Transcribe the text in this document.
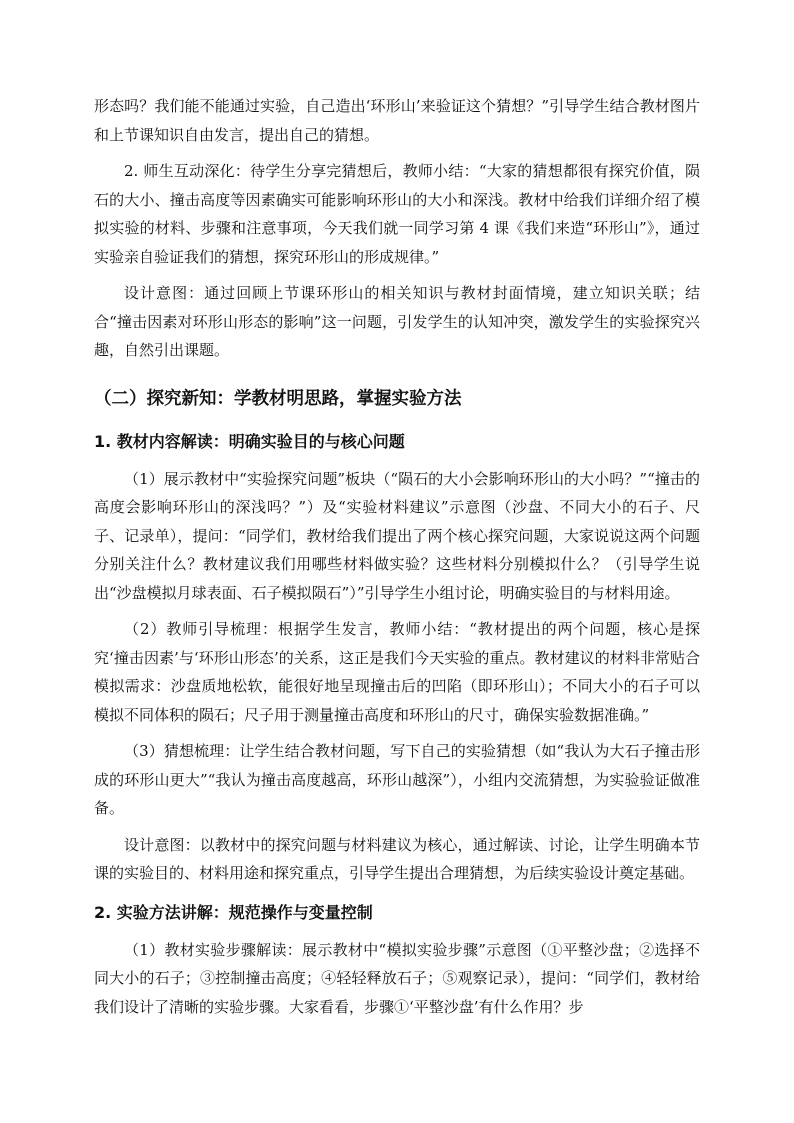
形态吗？我们能不能通过实验，自己造出‘环形山’来验证这个猜想？”引导学生结合教材图片和上节课知识自由发言，提出自己的猜想。

2. 师生互动深化：待学生分享完猜想后，教师小结：“大家的猜想都很有探究价值，陨石的大小、撞击高度等因素确实可能影响环形山的大小和深浅。教材中给我们详细介绍了模拟实验的材料、步骤和注意事项，今天我们就一同学习第 4 课《我们来造“环形山”》，通过实验亲自验证我们的猜想，探究环形山的形成规律。”

设计意图：通过回顾上节课环形山的相关知识与教材封面情境，建立知识关联；结合“撞击因素对环形山形态的影响”这一问题，引发学生的认知冲突，激发学生的实验探究兴趣，自然引出课题。

（二）探究新知：学教材明思路，掌握实验方法
1. 教材内容解读：明确实验目的与核心问题

（1）展示教材中“实验探究问题”板块（“陨石的大小会影响环形山的大小吗？”“撞击的高度会影响环形山的深浅吗？”）及“实验材料建议”示意图（沙盘、不同大小的石子、尺子、记录单），提问：“同学们，教材给我们提出了两个核心探究问题，大家说说这两个问题分别关注什么？教材建议我们用哪些材料做实验？这些材料分别模拟什么？（引导学生说出“沙盘模拟月球表面、石子模拟陨石”）”引导学生小组讨论，明确实验目的与材料用途。

（2）教师引导梳理：根据学生发言，教师小结：“教材提出的两个问题，核心是探究‘撞击因素’与‘环形山形态’的关系，这正是我们今天实验的重点。教材建议的材料非常贴合模拟需求：沙盘质地松软，能很好地呈现撞击后的凹陷（即环形山）；不同大小的石子可以模拟不同体积的陨石；尺子用于测量撞击高度和环形山的尺寸，确保实验数据准确。”

（3）猜想梳理：让学生结合教材问题，写下自己的实验猜想（如“我认为大石子撞击形成的环形山更大”“我认为撞击高度越高，环形山越深”），小组内交流猜想，为实验验证做准备。

设计意图：以教材中的探究问题与材料建议为核心，通过解读、讨论，让学生明确本节课的实验目的、材料用途和探究重点，引导学生提出合理猜想，为后续实验设计奠定基础。

2. 实验方法讲解：规范操作与变量控制

（1）教材实验步骤解读：展示教材中“模拟实验步骤”示意图（①平整沙盘；②选择不同大小的石子；③控制撞击高度；④轻轻释放石子；⑤观察记录），提问：“同学们，教材给我们设计了清晰的实验步骤。大家看看，步骤①‘平整沙盘’有什么作用？步
